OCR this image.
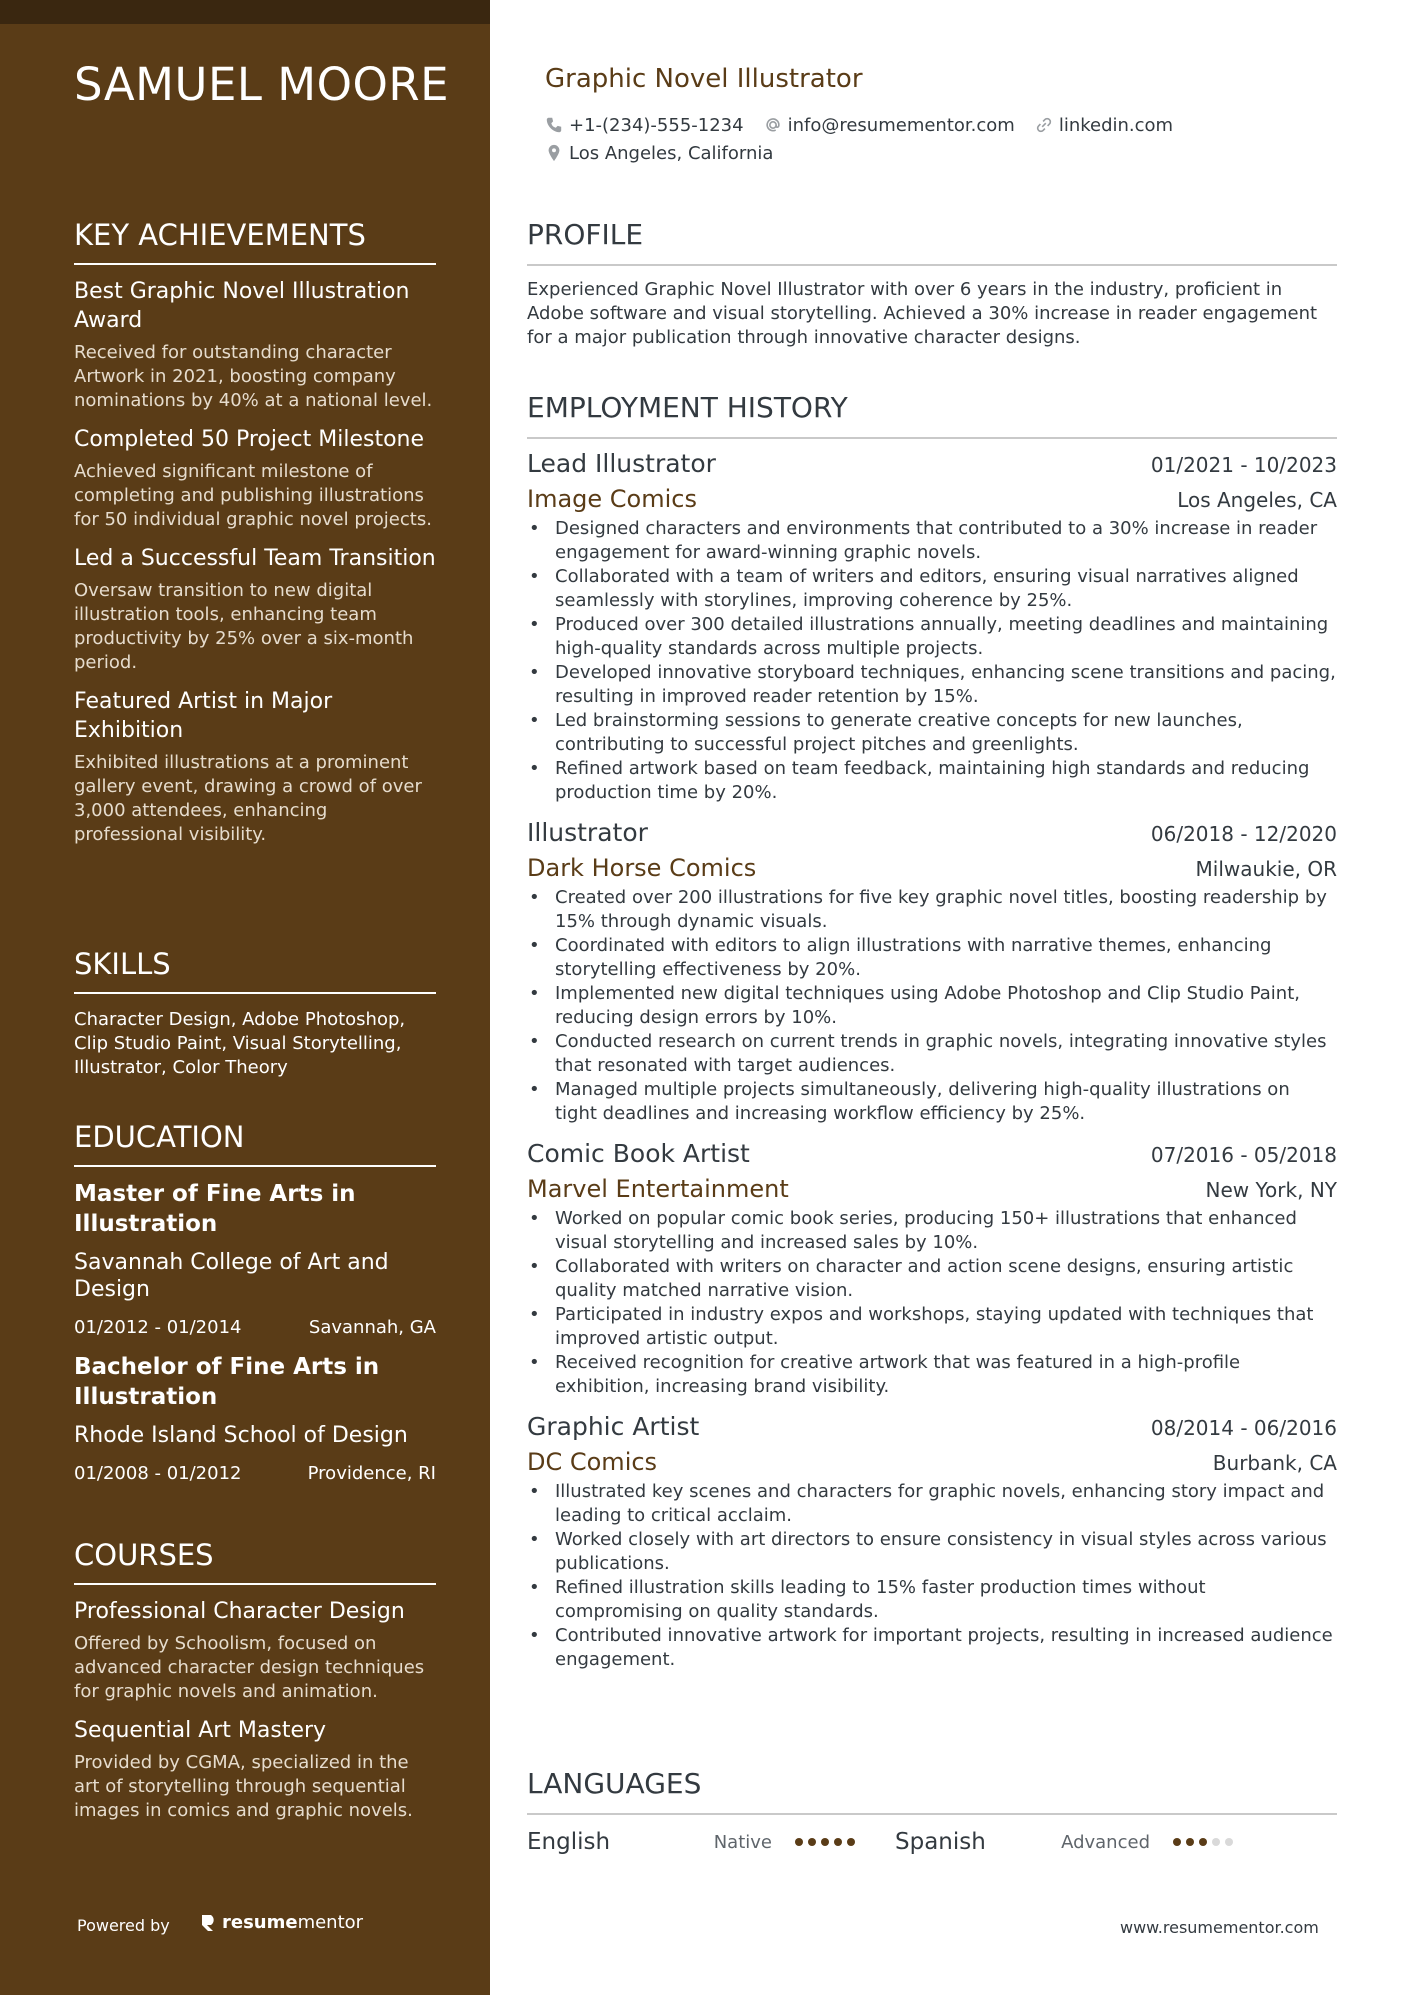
SAMUEL MOORE
KEY ACHIEVEMENTS
Best Graphic Novel Illustration Award
Received for outstanding character Artwork in 2021, boosting company nominations by 40% at a national level.
Completed 50 Project Milestone
Achieved significant milestone of completing and publishing illustrations for 50 individual graphic novel projects.
Led a Successful Team Transition
Oversaw transition to new digital illustration tools, enhancing team productivity by 25% over a six-month period.
Featured Artist in Major Exhibition
Exhibited illustrations at a prominent gallery event, drawing a crowd of over 3,000 attendees, enhancing professional visibility.
SKILLS
Character Design, Adobe Photoshop, Clip Studio Paint, Visual Storytelling, Illustrator, Color Theory
EDUCATION
Master of Fine Arts in Illustration
Savannah College of Art and Design
01/2012 - 01/2014	Savannah, GA
Bachelor of Fine Arts in Illustration
Rhode Island School of Design
01/2008 - 01/2012	Providence, RI
COURSES
Professional Character Design
Offered by Schoolism, focused on advanced character design techniques for graphic novels and animation.
Sequential Art Mastery
Provided by CGMA, specialized in the art of storytelling through sequential images in comics and graphic novels.
Powered by	resume mentor
Graphic Novel Illustrator
+1-(234)-555-1234 info@resumementor.com linkedin.com
Los Angeles, California
PROFILE
Experienced Graphic Novel Illustrator with over 6 years in the industry, proficient in Adobe software and visual storytelling. Achieved a 30% increase in reader engagement for a major publication through innovative character designs.
EMPLOYMENT HISTORY
Lead Illustrator	01/2021 - 10/2023
Image Comics	Los Angeles, CA
• Designed characters and environments that contributed to a 30% increase in reader engagement for award-winning graphic novels.
• Collaborated with a team of writers and editors, ensuring visual narratives aligned seamlessly with storylines, improving coherence by 25%.
• Produced over 300 detailed illustrations annually, meeting deadlines and maintaining high-quality standards across multiple projects.
• Developed innovative storyboard techniques, enhancing scene transitions and pacing, resulting in improved reader retention by 15%.
• Led brainstorming sessions to generate creative concepts for new launches, contributing to successful project pitches and greenlights.
• Refined artwork based on team feedback, maintaining high standards and reducing production time by 20%.
Illustrator	06/2018 - 12/2020
Dark Horse Comics	Milwaukie, OR
• Created over 200 illustrations for five key graphic novel titles, boosting readership by 15% through dynamic visuals.
• Coordinated with editors to align illustrations with narrative themes, enhancing storytelling effectiveness by 20%.
• Implemented new digital techniques using Adobe Photoshop and Clip Studio Paint, reducing design errors by 10%.
• Conducted research on current trends in graphic novels, integrating innovative styles that resonated with target audiences.
• Managed multiple projects simultaneously, delivering high-quality illustrations on tight deadlines and increasing workflow efficiency by 25%.
Comic Book Artist	07/2016 - 05/2018
Marvel Entertainment	New York, NY
• Worked on popular comic book series, producing 150+ illustrations that enhanced visual storytelling and increased sales by 10%.
• Collaborated with writers on character and action scene designs, ensuring artistic quality matched narrative vision.
• Participated in industry expos and workshops, staying updated with techniques that improved artistic output.
• Received recognition for creative artwork that was featured in a high-profile exhibition, increasing brand visibility.
Graphic Artist	08/2014 - 06/2016
DC Comics	Burbank, CA
• Illustrated key scenes and characters for graphic novels, enhancing story impact and leading to critical acclaim.
• Worked closely with art directors to ensure consistency in visual styles across various publications.
• Refined illustration skills leading to 15% faster production times without compromising on quality standards.
• Contributed innovative artwork for important projects, resulting in increased audience engagement.
LANGUAGES
English	Native	Spanish	Advanced
www.resumementor.com
